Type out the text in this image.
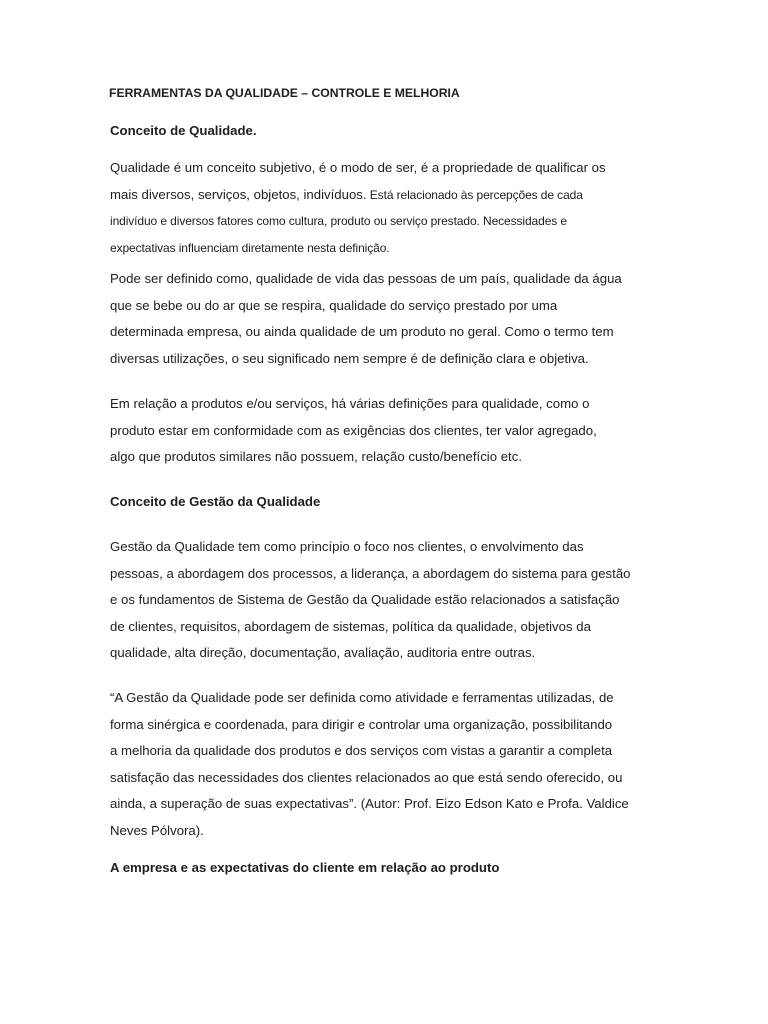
FERRAMENTAS DA QUALIDADE – CONTROLE E MELHORIA
Conceito de Qualidade.
Qualidade é um conceito subjetivo, é o modo de ser, é a propriedade de qualificar os
mais diversos, serviços, objetos, indivíduos. Está relacionado às percepções de cada
indivíduo e diversos fatores como cultura, produto ou serviço prestado. Necessidades e
expectativas influenciam diretamente nesta definição.
Pode ser definido como, qualidade de vida das pessoas de um país, qualidade da água
que se bebe ou do ar que se respira, qualidade do serviço prestado por uma
determinada empresa, ou ainda qualidade de um produto no geral. Como o termo tem
diversas utilizações, o seu significado nem sempre é de definição clara e objetiva.
Em relação a produtos e/ou serviços, há várias definições para qualidade, como o
produto estar em conformidade com as exigências dos clientes, ter valor agregado,
algo que produtos similares não possuem, relação custo/benefício etc.
Conceito de Gestão da Qualidade
Gestão da Qualidade tem como princípio o foco nos clientes, o envolvimento das
pessoas, a abordagem dos processos, a liderança, a abordagem do sistema para gestão
e os fundamentos de Sistema de Gestão da Qualidade estão relacionados a satisfação
de clientes, requisitos, abordagem de sistemas, política da qualidade, objetivos da
qualidade, alta direção, documentação, avaliação, auditoria entre outras.
“A Gestão da Qualidade pode ser definida como atividade e ferramentas utilizadas, de
forma sinérgica e coordenada, para dirigir e controlar uma organização, possibilitando
a melhoria da qualidade dos produtos e dos serviços com vistas a garantir a completa
satisfação das necessidades dos clientes relacionados ao que está sendo oferecido, ou
ainda, a superação de suas expectativas”. (Autor: Prof. Eizo Edson Kato e Profa. Valdice
Neves Pólvora).
A empresa e as expectativas do cliente em relação ao produto
